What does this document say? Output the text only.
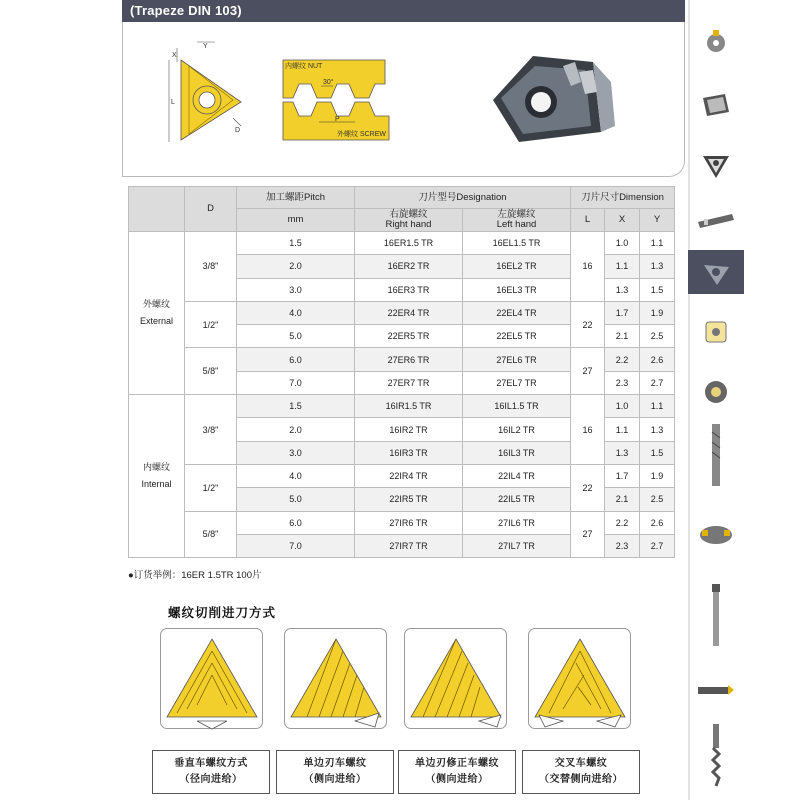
(Trapeze DIN 103)
X
Y
L
D
内螺纹 NUT
30°
P
外螺纹 SCREW
	D	加工螺距Pitch	刀片型号Designation		刀片尺寸Dimension		
		mm	右旋螺纹
Right hand	左旋螺纹
Left hand	L	X	Y
外螺纹
External	3/8"	1.5	16ER1.5 TR	16EL1.5 TR	16	1.0	1.1
		2.0	16ER2 TR	16EL2 TR		1.1	1.3
		3.0	16ER3 TR	16EL3 TR		1.3	1.5
	1/2"	4.0	22ER4 TR	22EL4 TR	22	1.7	1.9
		5.0	22ER5 TR	22EL5 TR		2.1	2.5
	5/8"	6.0	27ER6 TR	27EL6 TR	27	2.2	2.6
		7.0	27ER7 TR	27EL7 TR		2.3	2.7
内螺纹
Internal	3/8"	1.5	16IR1.5 TR	16IL1.5 TR	16	1.0	1.1
		2.0	16IR2 TR	16IL2 TR		1.1	1.3
		3.0	16IR3 TR	16IL3 TR		1.3	1.5
	1/2"	4.0	22IR4 TR	22IL4 TR	22	1.7	1.9
		5.0	22IR5 TR	22IL5 TR		2.1	2.5
	5/8"	6.0	27IR6 TR	27IL6 TR	27	2.2	2.6
		7.0	27IR7 TR	27IL7 TR		2.3	2.7
●订货举例：16ER 1.5TR 100片
螺纹切削进刀方式
垂直车螺纹方式
（径向进给）
单边刃车螺纹
（侧向进给）
单边刃修正车螺纹
（侧向进给）
交叉车螺纹
（交替侧向进给）
